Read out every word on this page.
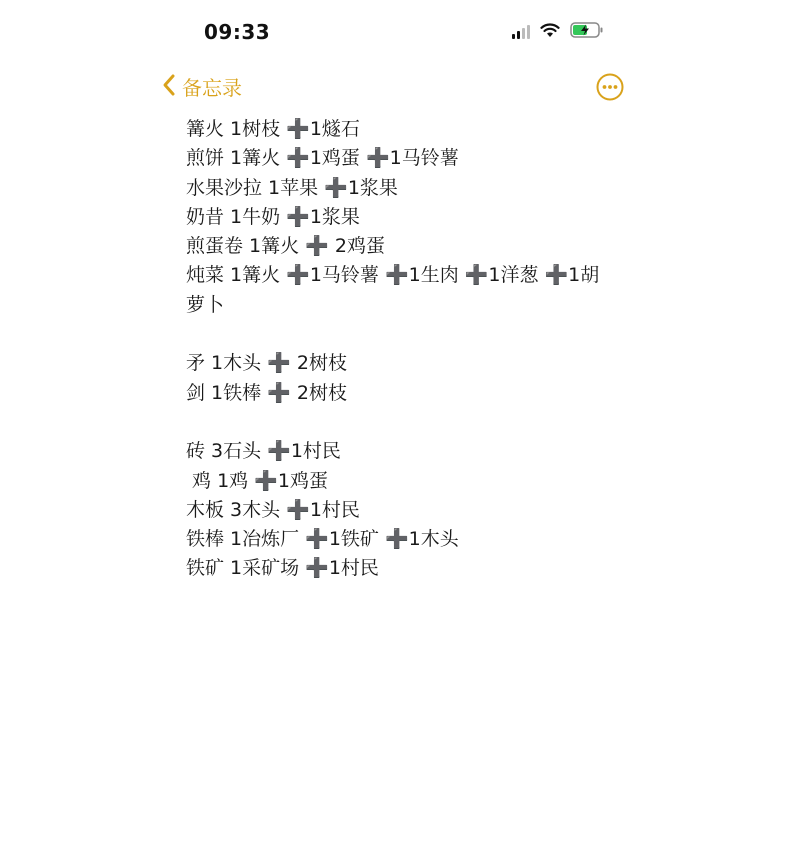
09:33
备忘录
篝火 1树枝 ➕1燧石
煎饼 1篝火 ➕1鸡蛋 ➕1马铃薯
水果沙拉 1苹果 ➕1浆果
奶昔 1牛奶 ➕1浆果
煎蛋卷 1篝火 ➕ 2鸡蛋
炖菜 1篝火 ➕1马铃薯 ➕1生肉 ➕1洋葱 ➕1胡
萝卜
矛 1木头 ➕ 2树枝
剑 1铁棒 ➕ 2树枝
砖 3石头 ➕1村民
鸡 1鸡 ➕1鸡蛋
木板 3木头 ➕1村民
铁棒 1冶炼厂 ➕1铁矿 ➕1木头
铁矿 1采矿场 ➕1村民
